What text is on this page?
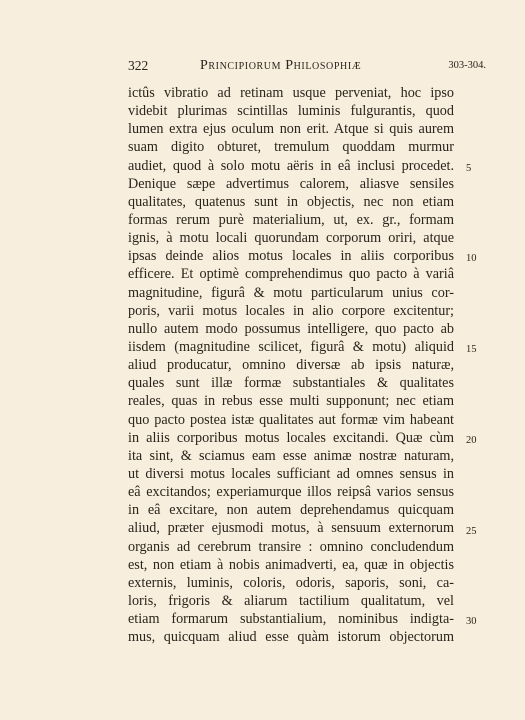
322	Principiorum Philosophiæ	303-304.
ictûs vibratio ad retinam usque perveniat, hoc ipso
videbit plurimas scintillas luminis fulgurantis, quod
lumen extra ejus oculum non erit. Atque si quis aurem
suam digito obturet, tremulum quoddam murmur
audiet, quod à solo motu aëris in eâ inclusi procedet.
Denique sæpe advertimus calorem, aliasve sensiles
qualitates, quatenus sunt in objectis, nec non etiam
formas rerum purè materialium, ut, ex. gr., formam
ignis, à motu locali quorundam corporum oriri, atque
ipsas deinde alios motus locales in aliis corporibus
efficere. Et optimè comprehendimus quo pacto à variâ
magnitudine, figurâ & motu particularum unius cor-
poris, varii motus locales in alio corpore excitentur;
nullo autem modo possumus intelligere, quo pacto ab
iisdem (magnitudine scilicet, figurâ & motu) aliquid
aliud producatur, omnino diversæ ab ipsis naturæ,
quales sunt illæ formæ substantiales & qualitates
reales, quas in rebus esse multi supponunt; nec etiam
quo pacto postea istæ qualitates aut formæ vim habeant
in aliis corporibus motus locales excitandi. Quæ cùm
ita sint, & sciamus eam esse animæ nostræ naturam,
ut diversi motus locales sufficiant ad omnes sensus in
eâ excitandos; experiamurque illos reipsâ varios sensus
in eâ excitare, non autem deprehendamus quicquam
aliud, præter ejusmodi motus, à sensuum externorum
organis ad cerebrum transire : omnino concludendum
est, non etiam à nobis animadverti, ea, quæ in objectis
externis, luminis, coloris, odoris, saporis, soni, ca-
loris, frigoris & aliarum tactilium qualitatum, vel
etiam formarum substantialium, nominibus indigta-
mus, quicquam aliud esse quàm istorum objectorum
5
10
15
20
25
30
